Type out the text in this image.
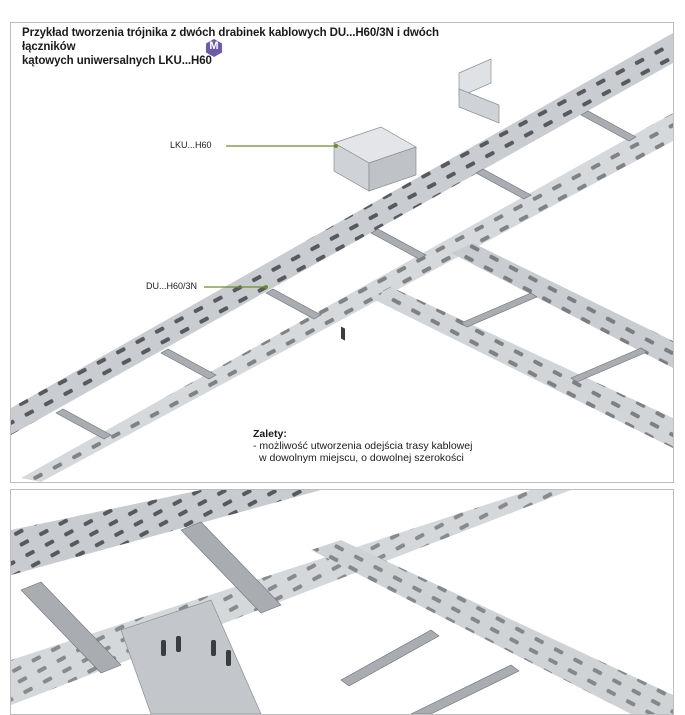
Przykład tworzenia trójnika z dwóch drabinek kablowych DU...H60/3N i dwóch łączników
kątowych uniwersalnych LKU...H60
M
LKU...H60
DU...H60/3N
Zalety:
- możliwość utworzenia odejścia trasy kablowej
w dowolnym miejscu, o dowolnej szerokości
